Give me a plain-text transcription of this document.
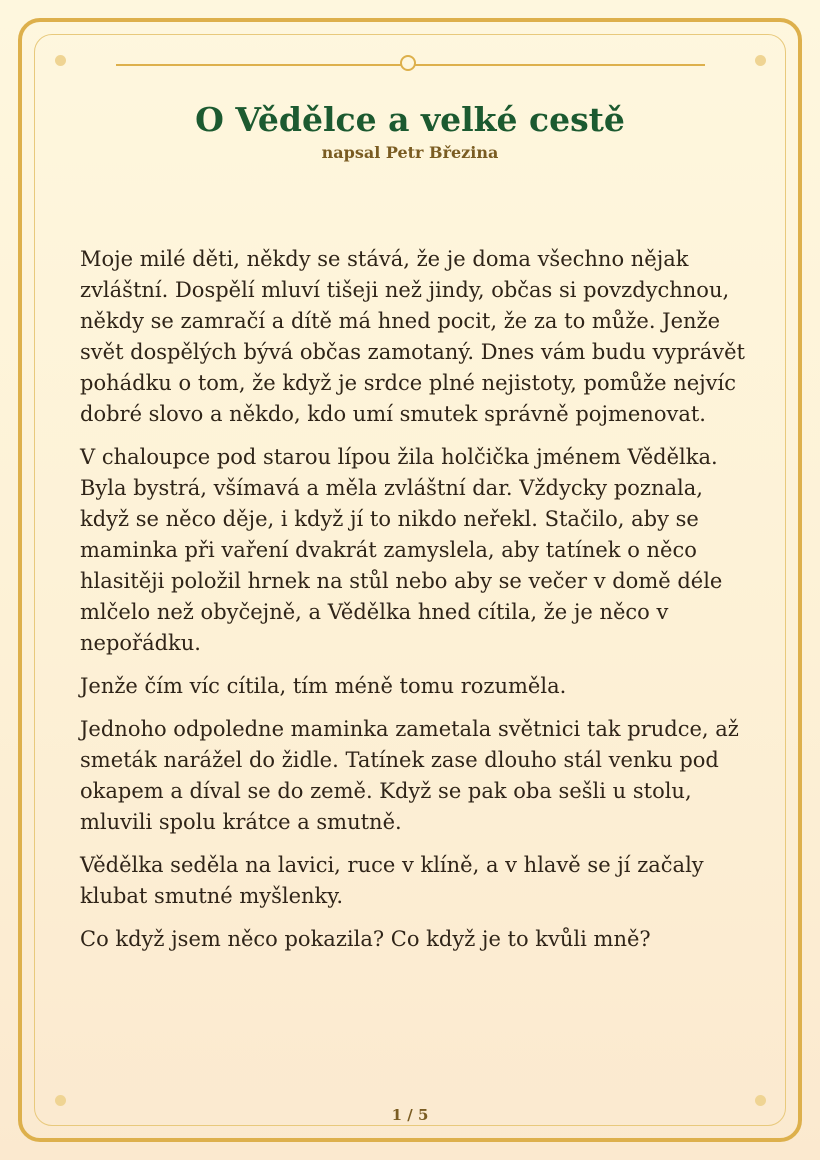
O Vědělce a velké cestě
napsal Petr Březina

Moje milé děti, někdy se stává, že je doma všechno nějak zvláštní. Dospělí mluví tišeji než jindy, občas si povzdychnou, někdy se zamračí a dítě má hned pocit, že za to může. Jenže svět dospělých bývá občas zamotaný. Dnes vám budu vyprávět pohádku o tom, že když je srdce plné nejistoty, pomůže nejvíc dobré slovo a někdo, kdo umí smutek správně pojmenovat.

V chaloupce pod starou lípou žila holčička jménem Vědělka. Byla bystrá, všímavá a měla zvláštní dar. Vždycky poznala, když se něco děje, i když jí to nikdo neřekl. Stačilo, aby se maminka při vaření dvakrát zamyslela, aby tatínek o něco hlasitěji položil hrnek na stůl nebo aby se večer v domě déle mlčelo než obyčejně, a Vědělka hned cítila, že je něco v nepořádku.

Jenže čím víc cítila, tím méně tomu rozuměla.

Jednoho odpoledne maminka zametala světnici tak prudce, až smeták narážel do židle. Tatínek zase dlouho stál venku pod okapem a díval se do země. Když se pak oba sešli u stolu, mluvili spolu krátce a smutně.

Vědělka seděla na lavici, ruce v klíně, a v hlavě se jí začaly klubat smutné myšlenky.

Co když jsem něco pokazila? Co když je to kvůli mně?

1 / 5
